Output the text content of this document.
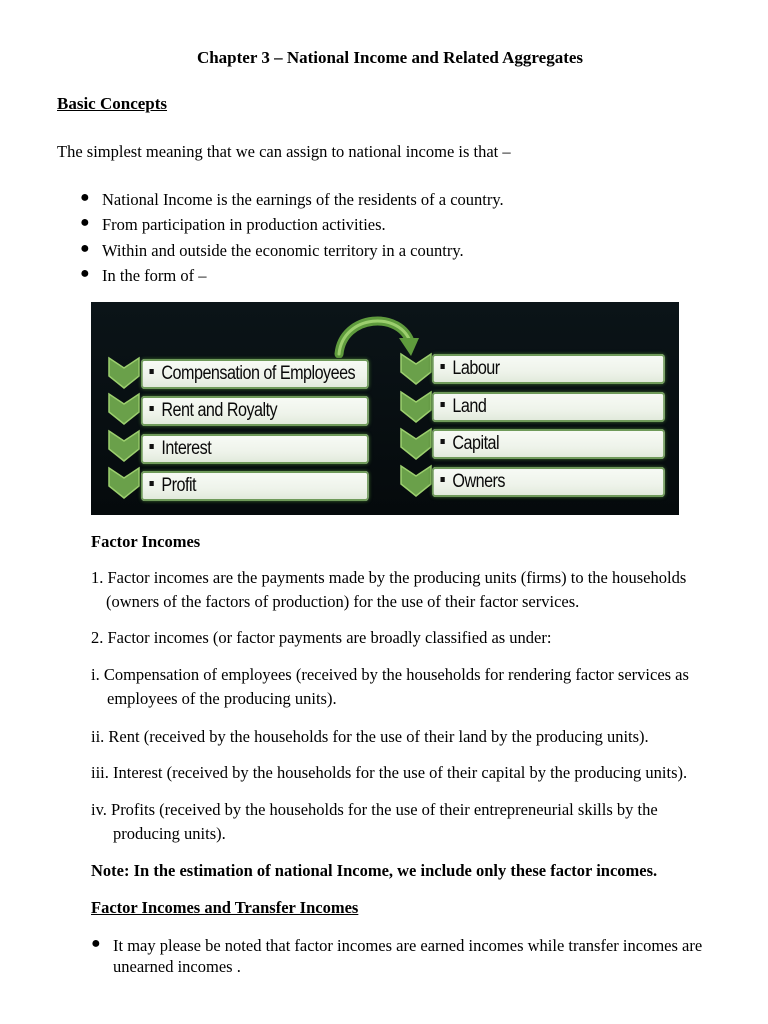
Chapter 3 – National Income and Related Aggregates
Basic Concepts
The simplest meaning that we can assign to national income is that –
● National Income is the earnings of the residents of a country.
● From participation in production activities.
● Within and outside the economic territory in a country.
● In the form of –
Compensation of Employees
Rent and Royalty
Interest
Profit
Labour
Land
Capital
Owners
Factor Incomes
1. Factor incomes are the payments made by the producing units (firms) to the households
(owners of the factors of production) for the use of their factor services.
2. Factor incomes (or factor payments are broadly classified as under:
i. Compensation of employees (received by the households for rendering factor services as
employees of the producing units).
ii. Rent (received by the households for the use of their land by the producing units).
iii. Interest (received by the households for the use of their capital by the producing units).
iv. Profits (received by the households for the use of their entrepreneurial skills by the
producing units).
Note: In the estimation of national Income, we include only these factor incomes.
Factor Incomes and Transfer Incomes
● It may please be noted that factor incomes are earned incomes while transfer incomes are
unearned incomes .
